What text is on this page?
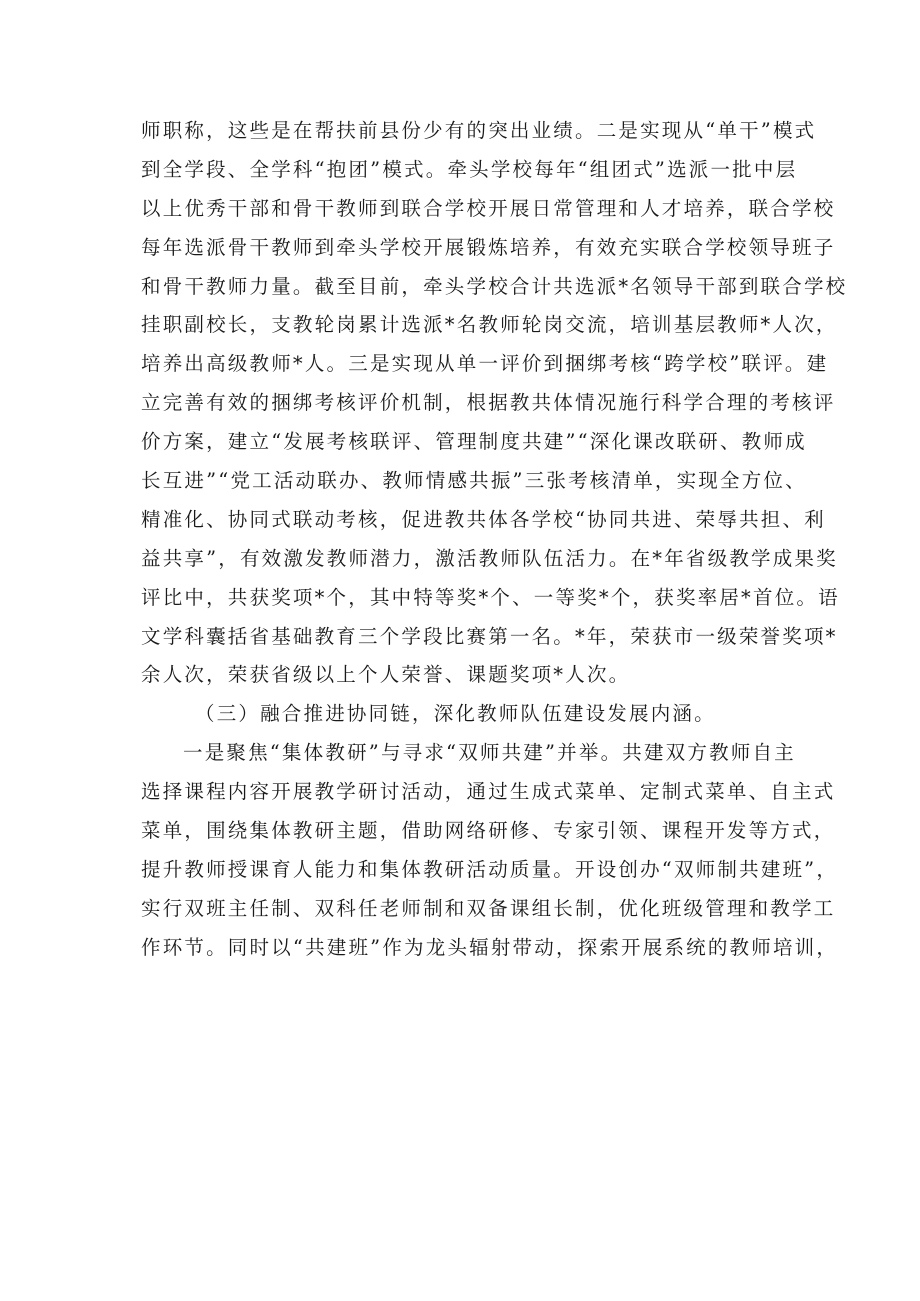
师职称，这些是在帮扶前县份少有的突出业绩。二是实现从“单干”模式
到全学段、全学科“抱团”模式。牵头学校每年“组团式”选派一批中层
以上优秀干部和骨干教师到联合学校开展日常管理和人才培养，联合学校
每年选派骨干教师到牵头学校开展锻炼培养，有效充实联合学校领导班子
和骨干教师力量。截至目前，牵头学校合计共选派*名领导干部到联合学校
挂职副校长，支教轮岗累计选派*名教师轮岗交流，培训基层教师*人次，
培养出高级教师*人。三是实现从单一评价到捆绑考核“跨学校”联评。建
立完善有效的捆绑考核评价机制，根据教共体情况施行科学合理的考核评
价方案，建立“发展考核联评、管理制度共建”“深化课改联研、教师成
长互进”“党工活动联办、教师情感共振”三张考核清单，实现全方位、
精准化、协同式联动考核，促进教共体各学校“协同共进、荣辱共担、利
益共享”，有效激发教师潜力，激活教师队伍活力。在*年省级教学成果奖
评比中，共获奖项*个，其中特等奖*个、一等奖*个，获奖率居*首位。语
文学科囊括省基础教育三个学段比赛第一名。*年，荣获市一级荣誉奖项*
余人次，荣获省级以上个人荣誉、课题奖项*人次。
（三）融合推进协同链，深化教师队伍建设发展内涵。
一是聚焦“集体教研”与寻求“双师共建”并举。共建双方教师自主
选择课程内容开展教学研讨活动，通过生成式菜单、定制式菜单、自主式
菜单，围绕集体教研主题，借助网络研修、专家引领、课程开发等方式，
提升教师授课育人能力和集体教研活动质量。开设创办“双师制共建班”，
实行双班主任制、双科任老师制和双备课组长制，优化班级管理和教学工
作环节。同时以“共建班”作为龙头辐射带动，探索开展系统的教师培训，
